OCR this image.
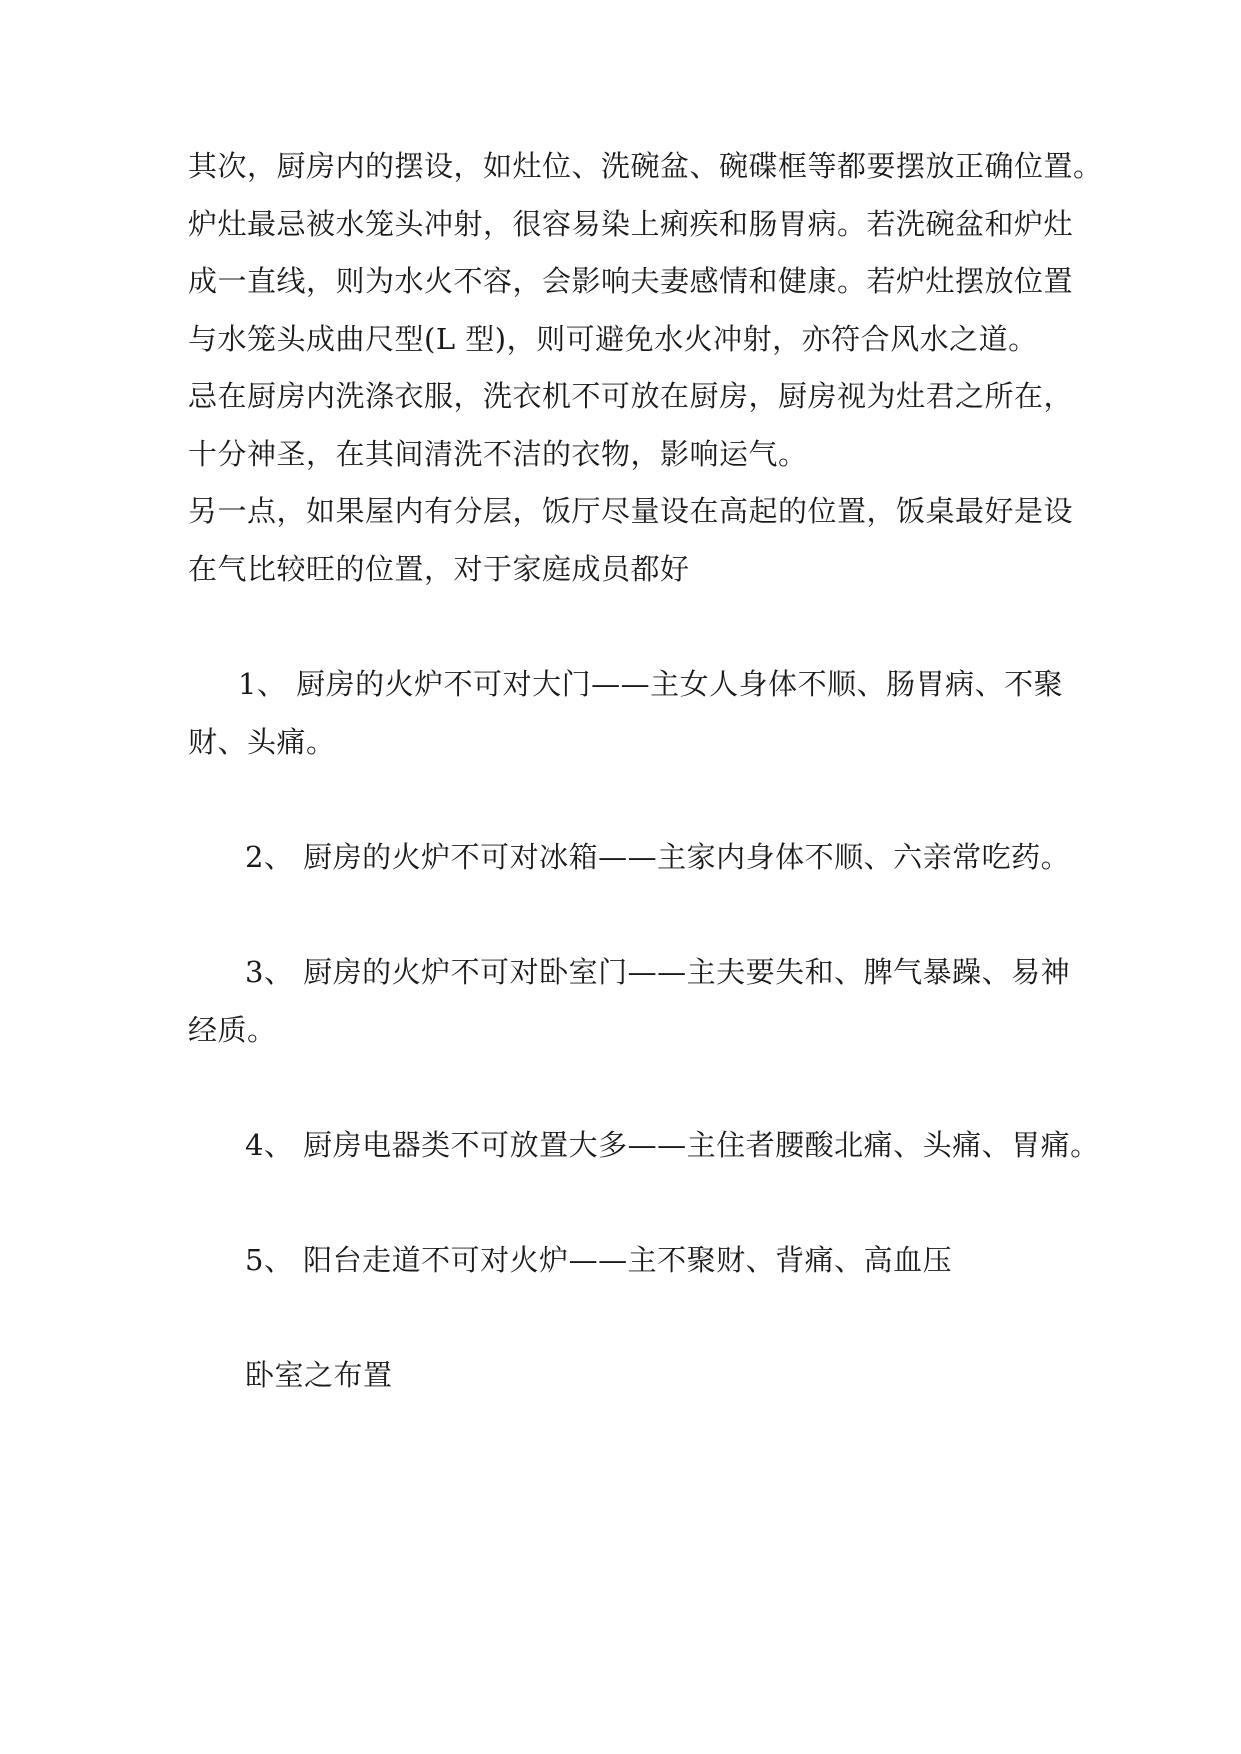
其次，厨房内的摆设，如灶位、洗碗盆、碗碟框等都要摆放正确位置。
炉灶最忌被水笼头冲射，很容易染上痢疾和肠胃病。若洗碗盆和炉灶
成一直线，则为水火不容，会影响夫妻感情和健康。若炉灶摆放位置
与水笼头成曲尺型(L 型)，则可避免水火冲射，亦符合风水之道。
忌在厨房内洗涤衣服，洗衣机不可放在厨房，厨房视为灶君之所在，
十分神圣，在其间清洗不洁的衣物，影响运气。
另一点，如果屋内有分层，饭厅尽量设在高起的位置，饭桌最好是设
在气比较旺的位置，对于家庭成员都好
1、 厨房的火炉不可对大门——主女人身体不顺、肠胃病、不聚
财、头痛。
2、 厨房的火炉不可对冰箱——主家内身体不顺、六亲常吃药。
3、 厨房的火炉不可对卧室门——主夫要失和、脾气暴躁、易神
经质。
4、 厨房电器类不可放置大多——主住者腰酸北痛、头痛、胃痛。
5、 阳台走道不可对火炉——主不聚财、背痛、高血压
卧室之布置
